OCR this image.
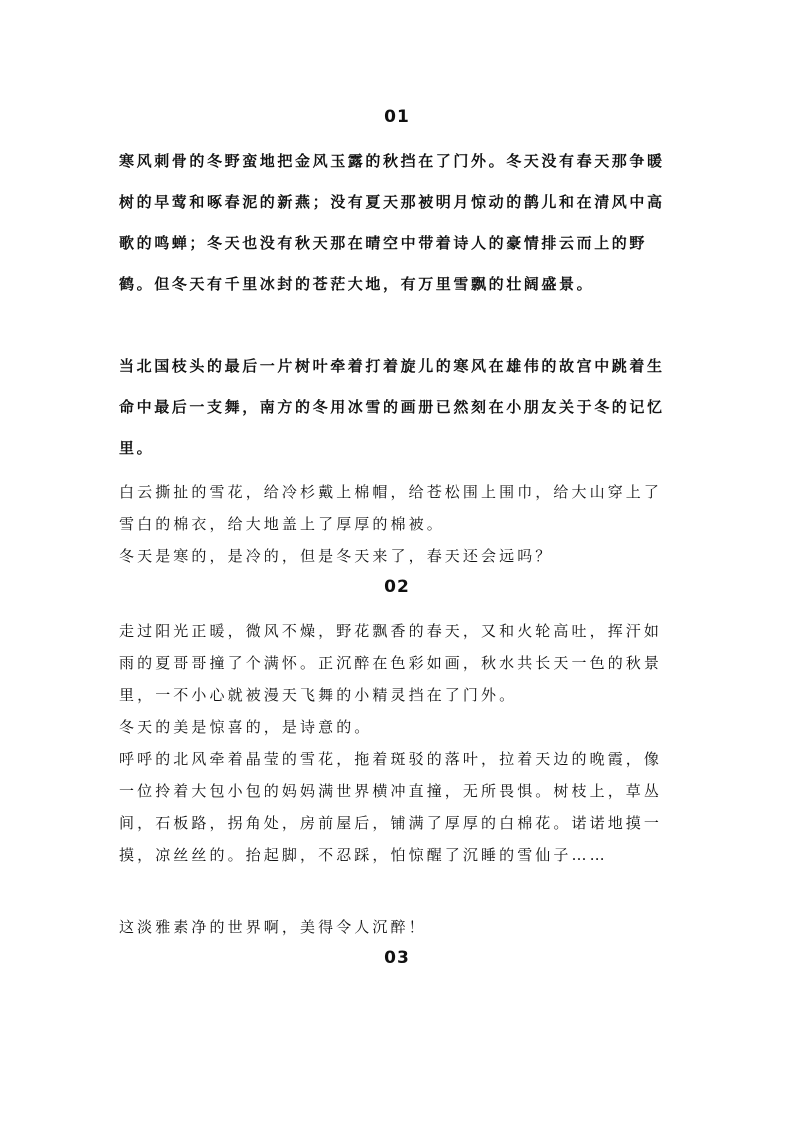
01

寒风刺骨的冬野蛮地把金风玉露的秋挡在了门外。冬天没有春天那争暖树的早莺和啄春泥的新燕；没有夏天那被明月惊动的鹊儿和在清风中高歌的鸣蝉；冬天也没有秋天那在晴空中带着诗人的豪情排云而上的野鹤。但冬天有千里冰封的苍茫大地，有万里雪飘的壮阔盛景。

当北国枝头的最后一片树叶牵着打着旋儿的寒风在雄伟的故宫中跳着生命中最后一支舞，南方的冬用冰雪的画册已然刻在小朋友关于冬的记忆里。

白云撕扯的雪花，给冷杉戴上棉帽，给苍松围上围巾，给大山穿上了雪白的棉衣，给大地盖上了厚厚的棉被。

冬天是寒的，是冷的，但是冬天来了，春天还会远吗？

02

走过阳光正暖，微风不燥，野花飘香的春天，又和火轮高吐，挥汗如雨的夏哥哥撞了个满怀。正沉醉在色彩如画，秋水共长天一色的秋景里，一不小心就被漫天飞舞的小精灵挡在了门外。

冬天的美是惊喜的，是诗意的。

呼呼的北风牵着晶莹的雪花，拖着斑驳的落叶，拉着天边的晚霞，像一位拎着大包小包的妈妈满世界横冲直撞，无所畏惧。树枝上，草丛间，石板路，拐角处，房前屋后，铺满了厚厚的白棉花。诺诺地摸一摸，凉丝丝的。抬起脚，不忍踩，怕惊醒了沉睡的雪仙子……

这淡雅素净的世界啊，美得令人沉醉！

03
